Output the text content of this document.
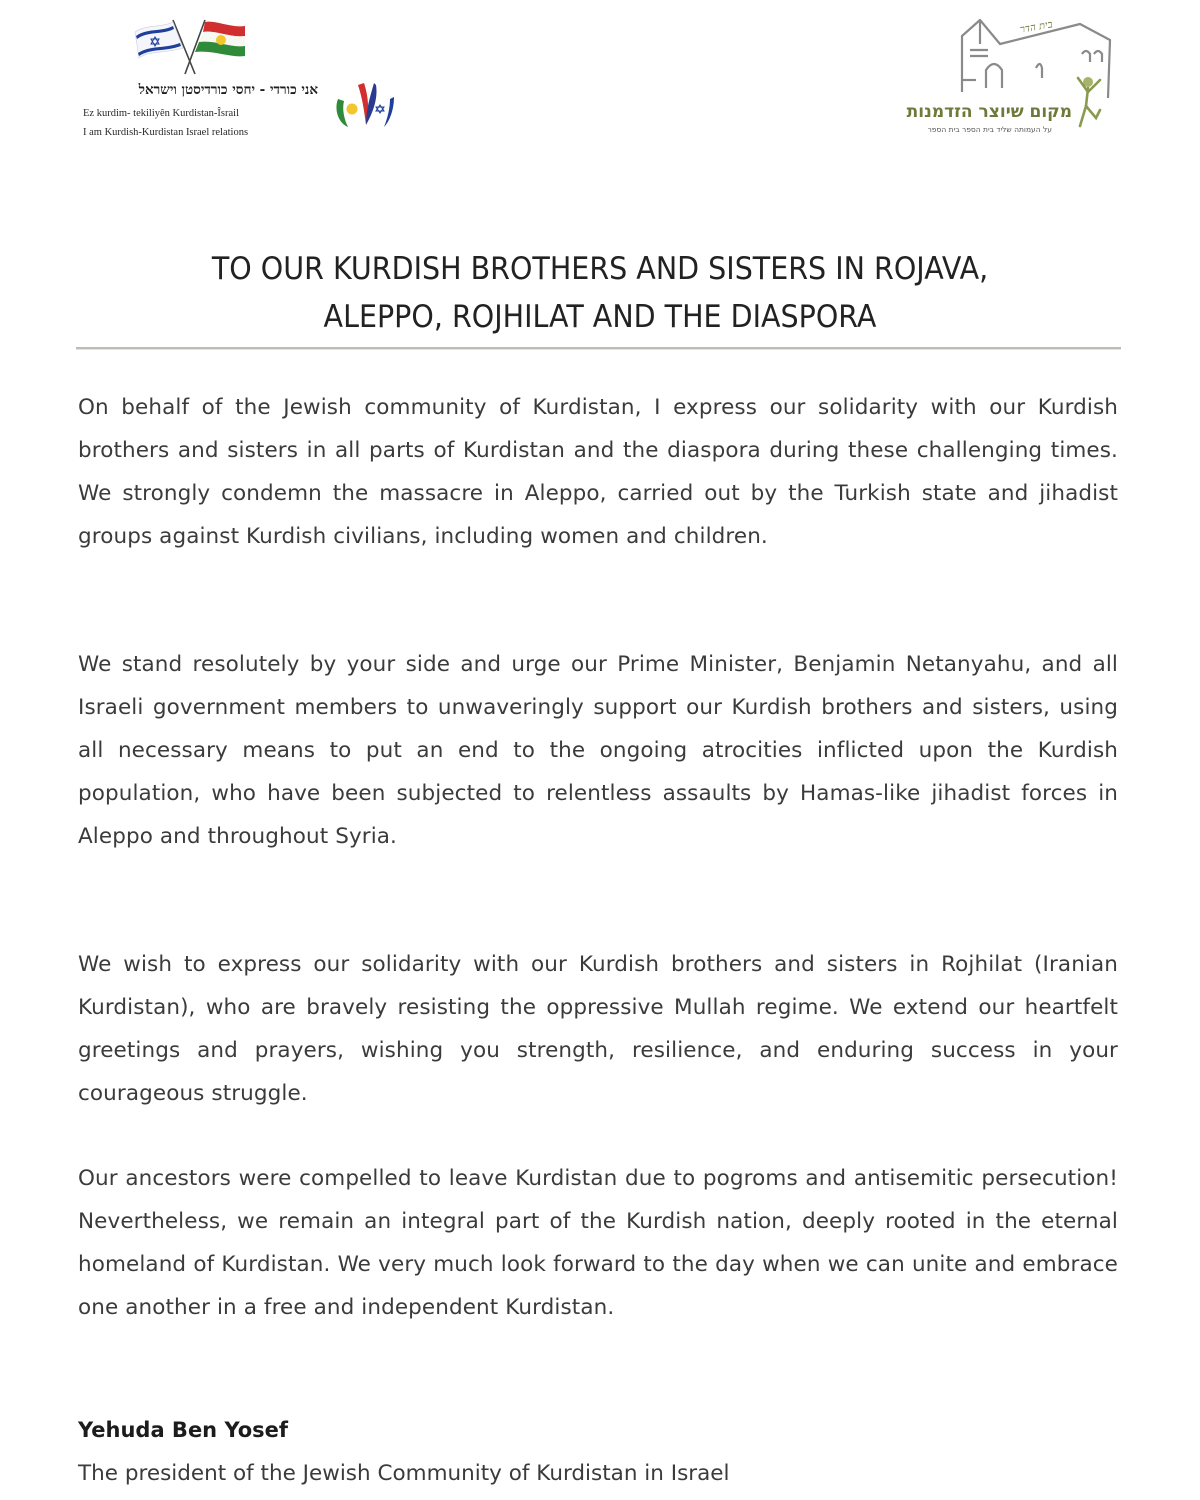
אני כורדי - יחסי כורדיסטן וישראל
Ez kurdim- tekiliyên Kurdistan-Îsrail
I am Kurdish-Kurdistan Israel relations
בית הדר
מקום שיוצר הזדמנות
על העמותה שליד בית הספר בית הספר
TO OUR KURDISH BROTHERS AND SISTERS IN ROJAVA,
ALEPPO, ROJHILAT AND THE DIASPORA

On behalf of the Jewish community of Kurdistan, I express our solidarity with our Kurdish brothers and sisters in all parts of Kurdistan and the diaspora during these challenging times. We strongly condemn the massacre in Aleppo, carried out by the Turkish state and jihadist groups against Kurdish civilians, including women and children.

We stand resolutely by your side and urge our Prime Minister, Benjamin Netanyahu, and all Israeli government members to unwaveringly support our Kurdish brothers and sisters, using all necessary means to put an end to the ongoing atrocities inflicted upon the Kurdish population, who have been subjected to relentless assaults by Hamas-like jihadist forces in Aleppo and throughout Syria.

We wish to express our solidarity with our Kurdish brothers and sisters in Rojhilat (Iranian Kurdistan), who are bravely resisting the oppressive Mullah regime. We extend our heartfelt greetings and prayers, wishing you strength, resilience, and enduring success in your courageous struggle.

Our ancestors were compelled to leave Kurdistan due to pogroms and antisemitic persecution! Nevertheless, we remain an integral part of the Kurdish nation, deeply rooted in the eternal homeland of Kurdistan. We very much look forward to the day when we can unite and embrace one another in a free and independent Kurdistan.

Yehuda Ben Yosef
The president of the Jewish Community of Kurdistan in Israel
